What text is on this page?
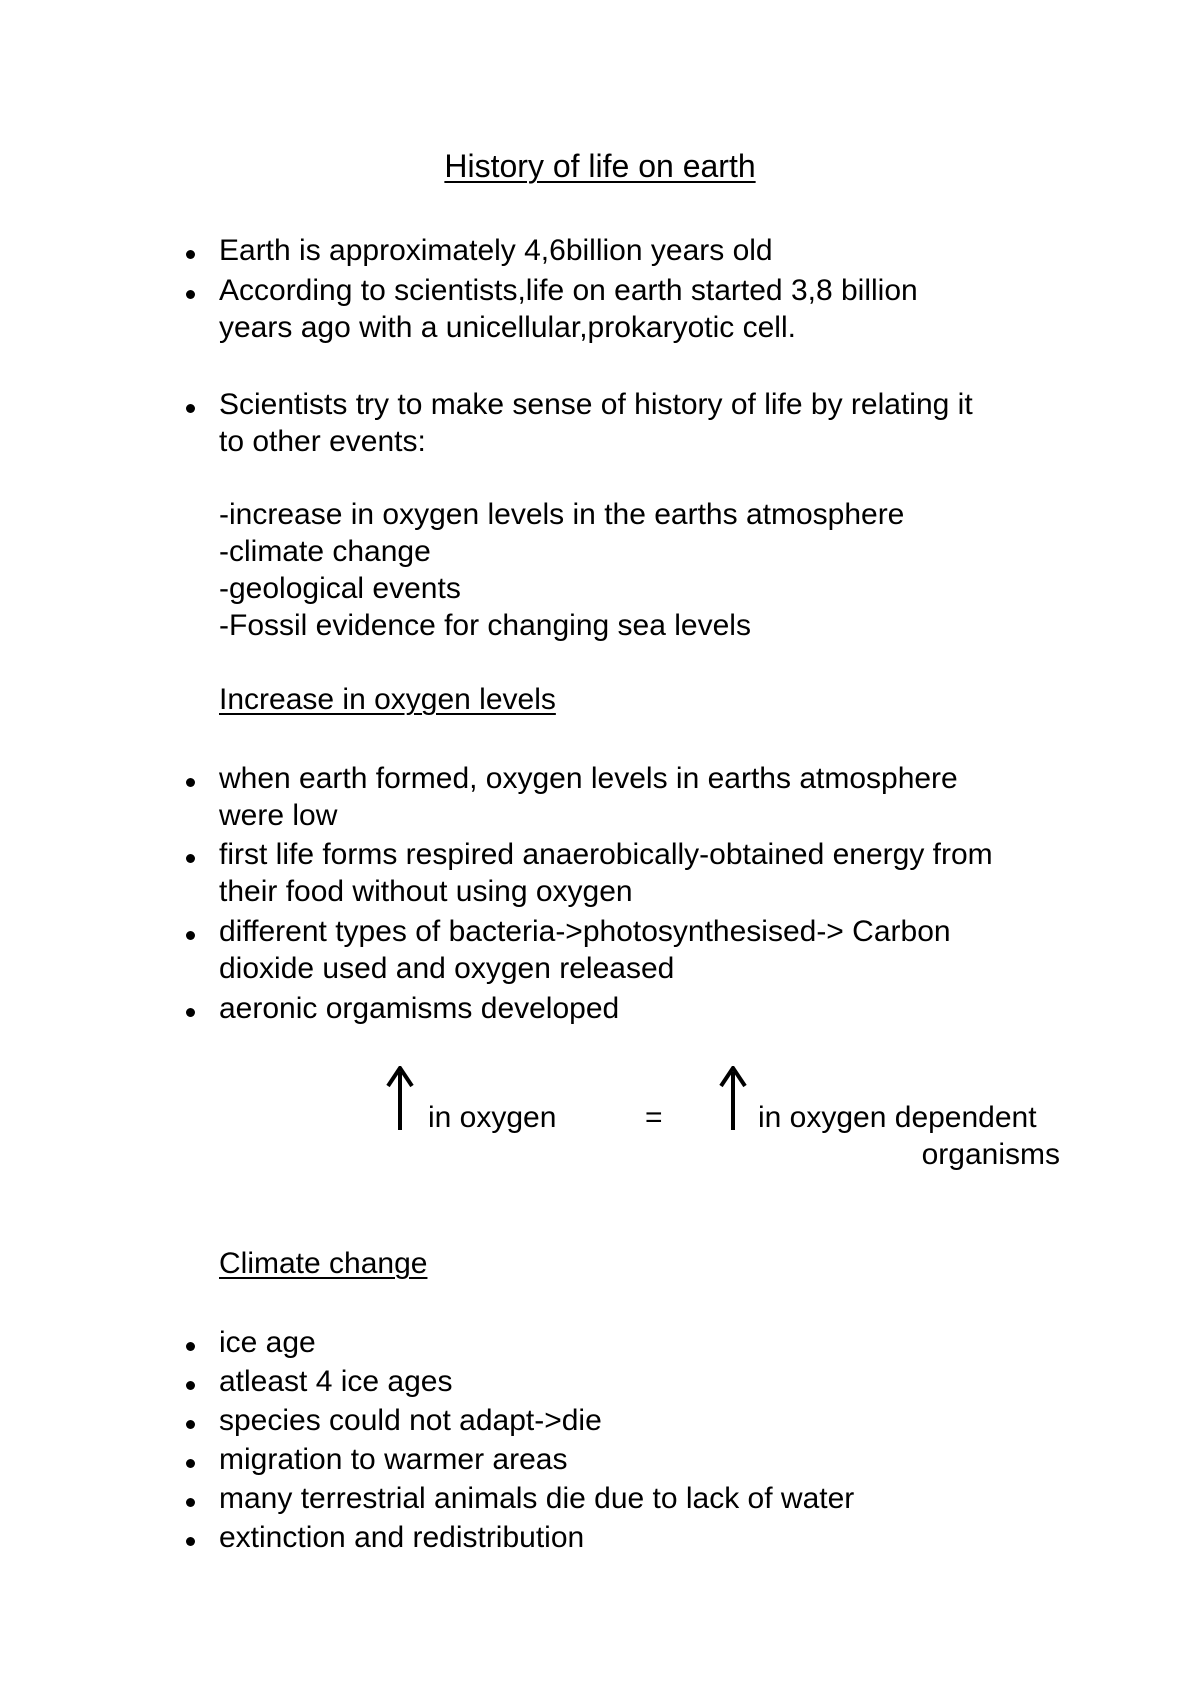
History of life on earth
Earth is approximately 4,6billion years old
According to scientists,life on earth started 3,8 billion
years ago with a unicellular,prokaryotic cell.
Scientists try to make sense of history of life by relating it
to other events:
-increase in oxygen levels in the earths atmosphere
-climate change
-geological events
-Fossil evidence for changing sea levels
Increase in oxygen levels
when earth formed, oxygen levels in earths atmosphere
were low
first life forms respired anaerobically-obtained energy from
their food without using oxygen
different types of bacteria->photosynthesised-> Carbon
dioxide used and oxygen released
aeronic orgamisms developed
in oxygen	=	in oxygen dependent
organisms
Climate change
ice age
atleast 4 ice ages
species could not adapt->die
migration to warmer areas
many terrestrial animals die due to lack of water
extinction and redistribution
